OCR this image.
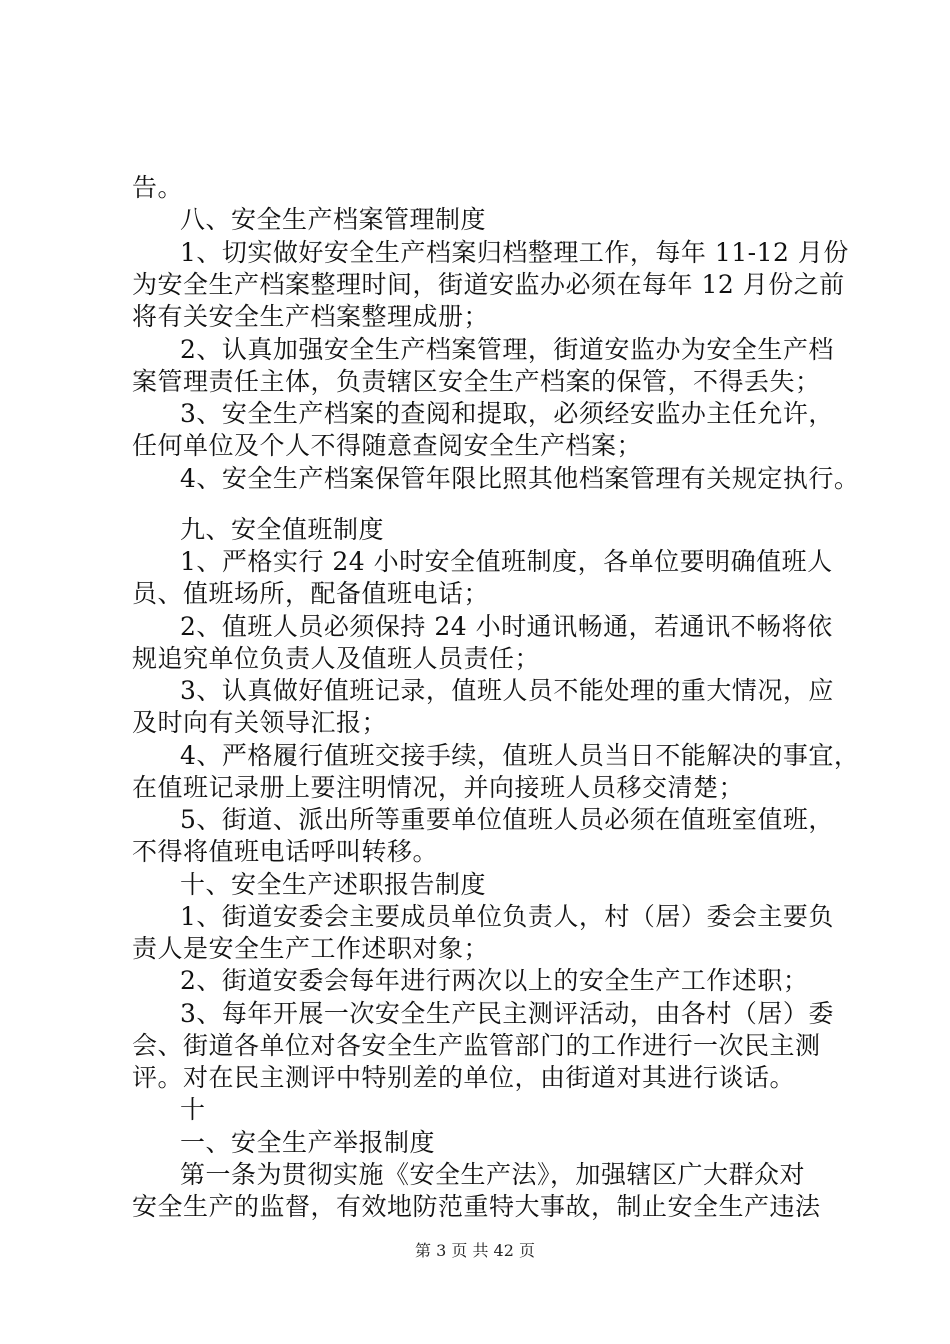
告。
八、安全生产档案管理制度
1、切实做好安全生产档案归档整理工作，每年 11-12 月份
为安全生产档案整理时间，街道安监办必须在每年 12 月份之前
将有关安全生产档案整理成册；
2、认真加强安全生产档案管理，街道安监办为安全生产档
案管理责任主体，负责辖区安全生产档案的保管，不得丢失；
3、安全生产档案的查阅和提取，必须经安监办主任允许，
任何单位及个人不得随意查阅安全生产档案；
4、安全生产档案保管年限比照其他档案管理有关规定执行。
九、安全值班制度
1、严格实行 24 小时安全值班制度，各单位要明确值班人
员、值班场所，配备值班电话；
2、值班人员必须保持 24 小时通讯畅通，若通讯不畅将依
规追究单位负责人及值班人员责任；
3、认真做好值班记录，值班人员不能处理的重大情况，应
及时向有关领导汇报；
4、严格履行值班交接手续，值班人员当日不能解决的事宜，
在值班记录册上要注明情况，并向接班人员移交清楚；
5、街道、派出所等重要单位值班人员必须在值班室值班，
不得将值班电话呼叫转移。
十、安全生产述职报告制度
1、街道安委会主要成员单位负责人，村（居）委会主要负
责人是安全生产工作述职对象；
2、街道安委会每年进行两次以上的安全生产工作述职；
3、每年开展一次安全生产民主测评活动，由各村（居）委
会、街道各单位对各安全生产监管部门的工作进行一次民主测
评。对在民主测评中特别差的单位，由街道对其进行谈话。
十
一、安全生产举报制度
第一条为贯彻实施《安全生产法》，加强辖区广大群众对
安全生产的监督，有效地防范重特大事故，制止安全生产违法
第 3 页 共 42 页
